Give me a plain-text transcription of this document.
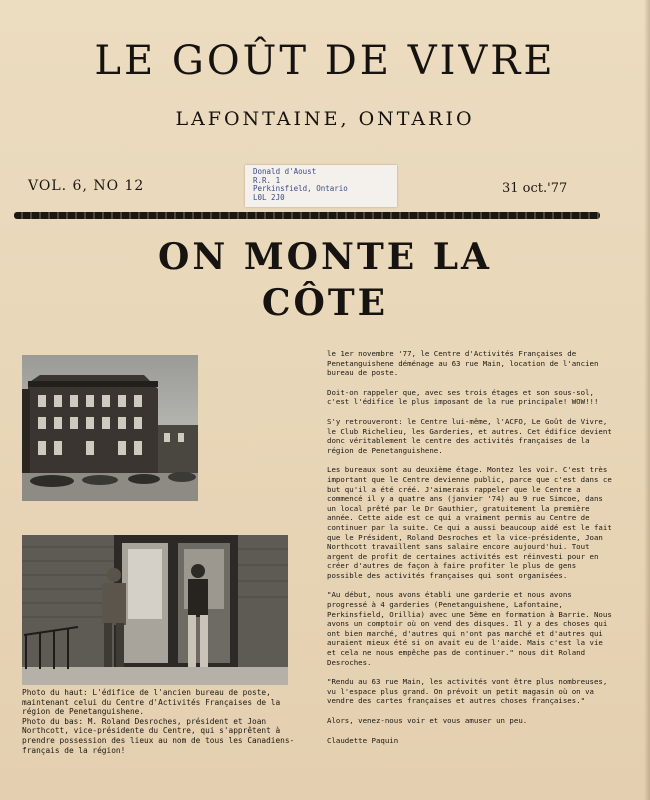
LE GOÛT DE VIVRE
LAFONTAINE, ONTARIO
VOL. 6, NO 12	31 oct.'77
Donald d'Aoust
R.R. 1
Perkinsfield, Ontario
L0L 2J0
ON MONTE LA
CÔTE

Photo du haut: L'édifice de l'ancien bureau de poste, maintenant celui du Centre d'Activités Françaises de la région de Penetanguishene.

Photo du bas: M. Roland Desroches, président et Joan Northcott, vice-présidente du Centre, qui s'apprêtent à prendre possession des lieux au nom de tous les Canadiens-français de la région!

le 1er novembre '77, le Centre d'Activités Françaises de Penetanguishene déménage au 63 rue Main, location de l'ancien bureau de poste.

Doit-on rappeler que, avec ses trois étages et son sous-sol, c'est l'édifice le plus imposant de la rue principale! WOW!!!

S'y retrouveront: le Centre lui-même, l'ACFO, Le Goût de Vivre, le Club Richelieu, les Garderies, et autres. Cet édifice devient donc véritablement le centre des activités françaises de la région de Penetanguishene.

Les bureaux sont au deuxième étage. Montez les voir. C'est très important que le Centre devienne public, parce que c'est dans ce but qu'il a été créé. J'aimerais rappeler que le Centre a commencé il y a quatre ans (janvier '74) au 9 rue Simcoe, dans un local prêté par le Dr Gauthier, gratuitement la première année. Cette aide est ce qui a vraiment permis au Centre de continuer par la suite. Ce qui a aussi beaucoup aidé est le fait que le Président, Roland Desroches et la vice-présidente, Joan Northcott travaillent sans salaire encore aujourd'hui. Tout argent de profit de certaines activités est réinvesti pour en créer d'autres de façon à faire profiter le plus de gens possible des activités françaises qui sont organisées.

"Au début, nous avons établi une garderie et nous avons progressé à 4 garderies (Penetanguishene, Lafontaine, Perkinsfield, Orillia) avec une 5ème en formation à Barrie. Nous avons un comptoir où on vend des disques. Il y a des choses qui ont bien marché, d'autres qui n'ont pas marché et d'autres qui auraient mieux été si on avait eu de l'aide. Mais c'est la vie et cela ne nous empêche pas de continuer." nous dit Roland Desroches.

"Rendu au 63 rue Main, les activités vont être plus nombreuses, vu l'espace plus grand. On prévoit un petit magasin où on va vendre des cartes françaises et autres choses françaises."

Alors, venez-nous voir et vous amuser un peu.

Claudette Paquin
